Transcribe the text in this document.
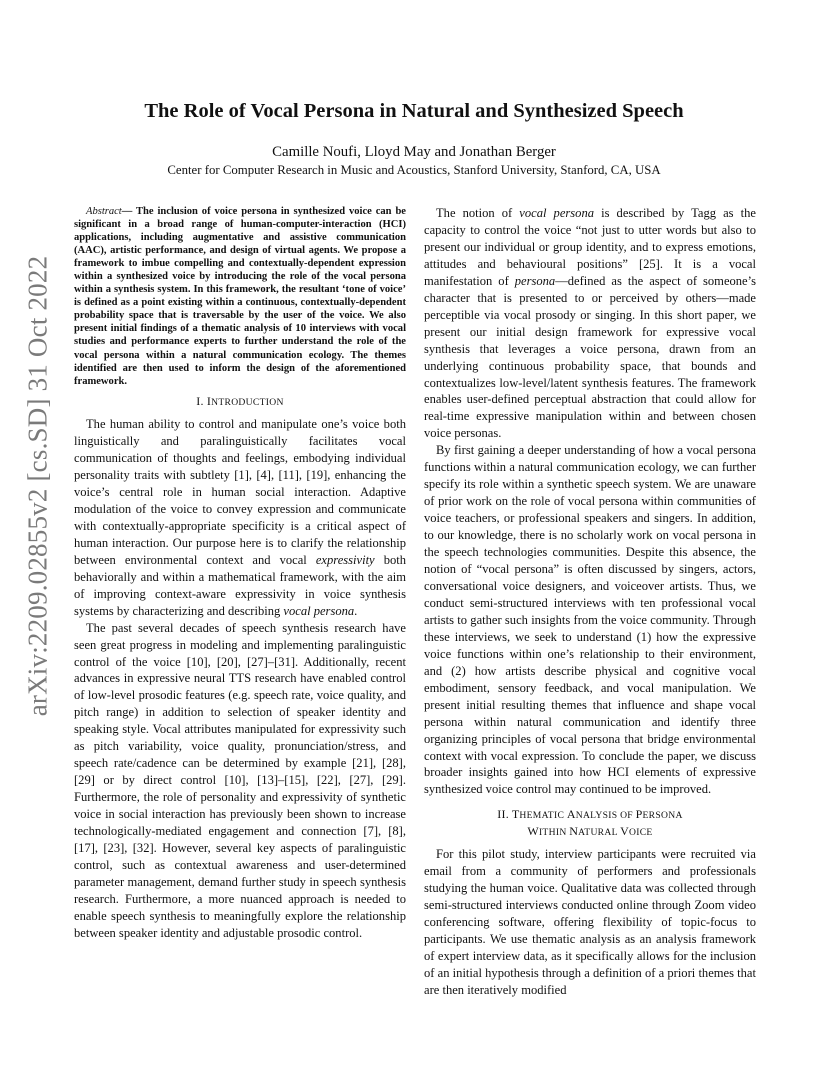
arXiv:2209.02855v2 [cs.SD] 31 Oct 2022
The Role of Vocal Persona in Natural and Synthesized Speech
Camille Noufi, Lloyd May and Jonathan Berger
Center for Computer Research in Music and Acoustics, Stanford University, Stanford, CA, USA

Abstract— The inclusion of voice persona in synthesized voice can be significant in a broad range of human-computer-interaction (HCI) applications, including augmentative and assistive communication (AAC), artistic performance, and design of virtual agents. We propose a framework to imbue compelling and contextually-dependent expression within a synthesized voice by introducing the role of the vocal persona within a synthesis system. In this framework, the resultant ‘tone of voice’ is defined as a point existing within a continuous, contextually-dependent probability space that is traversable by the user of the voice. We also present initial findings of a thematic analysis of 10 interviews with vocal studies and performance experts to further understand the role of the vocal persona within a natural communication ecology. The themes identified are then used to inform the design of the aforementioned framework.

I. INTRODUCTION

The human ability to control and manipulate one’s voice both linguistically and paralinguistically facilitates vocal communication of thoughts and feelings, embodying individual personality traits with subtlety [1], [4], [11], [19], enhancing the voice’s central role in human social interaction. Adaptive modulation of the voice to convey expression and communicate with contextually-appropriate specificity is a critical aspect of human interaction. Our purpose here is to clarify the relationship between environmental context and vocal expressivity both behaviorally and within a mathematical framework, with the aim of improving context-aware expressivity in voice synthesis systems by characterizing and describing vocal persona.

The past several decades of speech synthesis research have seen great progress in modeling and implementing paralinguistic control of the voice [10], [20], [27]–[31]. Additionally, recent advances in expressive neural TTS research have enabled control of low-level prosodic features (e.g. speech rate, voice quality, and pitch range) in addition to selection of speaker identity and speaking style. Vocal attributes manipulated for expressivity such as pitch variability, voice quality, pronunciation/stress, and speech rate/cadence can be determined by example [21], [28], [29] or by direct control [10], [13]–[15], [22], [27], [29]. Furthermore, the role of personality and expressivity of synthetic voice in social interaction has previously been shown to increase technologically-mediated engagement and connection [7], [8], [17], [23], [32]. However, several key aspects of paralinguistic control, such as contextual awareness and user-determined parameter management, demand further study in speech synthesis research. Furthermore, a more nuanced approach is needed to enable speech synthesis to meaningfully explore the relationship between speaker identity and adjustable prosodic control.

The notion of vocal persona is described by Tagg as the capacity to control the voice “not just to utter words but also to present our individual or group identity, and to express emotions, attitudes and behavioural positions” [25]. It is a vocal manifestation of persona—defined as the aspect of someone’s character that is presented to or perceived by others—made perceptible via vocal prosody or singing. In this short paper, we present our initial design framework for expressive vocal synthesis that leverages a voice persona, drawn from an underlying continuous probability space, that bounds and contextualizes low-level/latent synthesis features. The framework enables user-defined perceptual abstraction that could allow for real-time expressive manipulation within and between chosen voice personas.

By first gaining a deeper understanding of how a vocal persona functions within a natural communication ecology, we can further specify its role within a synthetic speech system. We are unaware of prior work on the role of vocal persona within communities of voice teachers, or professional speakers and singers. In addition, to our knowledge, there is no scholarly work on vocal persona in the speech technologies communities. Despite this absence, the notion of “vocal persona” is often discussed by singers, actors, conversational voice designers, and voiceover artists. Thus, we conduct semi-structured interviews with ten professional vocal artists to gather such insights from the voice community. Through these interviews, we seek to understand (1) how the expressive voice functions within one’s relationship to their environment, and (2) how artists describe physical and cognitive vocal embodiment, sensory feedback, and vocal manipulation. We present initial resulting themes that influence and shape vocal persona within natural communication and identify three organizing principles of vocal persona that bridge environmental context with vocal expression. To conclude the paper, we discuss broader insights gained into how HCI elements of expressive synthesized voice control may continued to be improved.

II. THEMATIC ANALYSIS OF PERSONA
WITHIN NATURAL VOICE

For this pilot study, interview participants were recruited via email from a community of performers and professionals studying the human voice. Qualitative data was collected through semi-structured interviews conducted online through Zoom video conferencing software, offering flexibility of topic-focus to participants. We use thematic analysis as an analysis framework of expert interview data, as it specifically allows for the inclusion of an initial hypothesis through a definition of a priori themes that are then iteratively modified
